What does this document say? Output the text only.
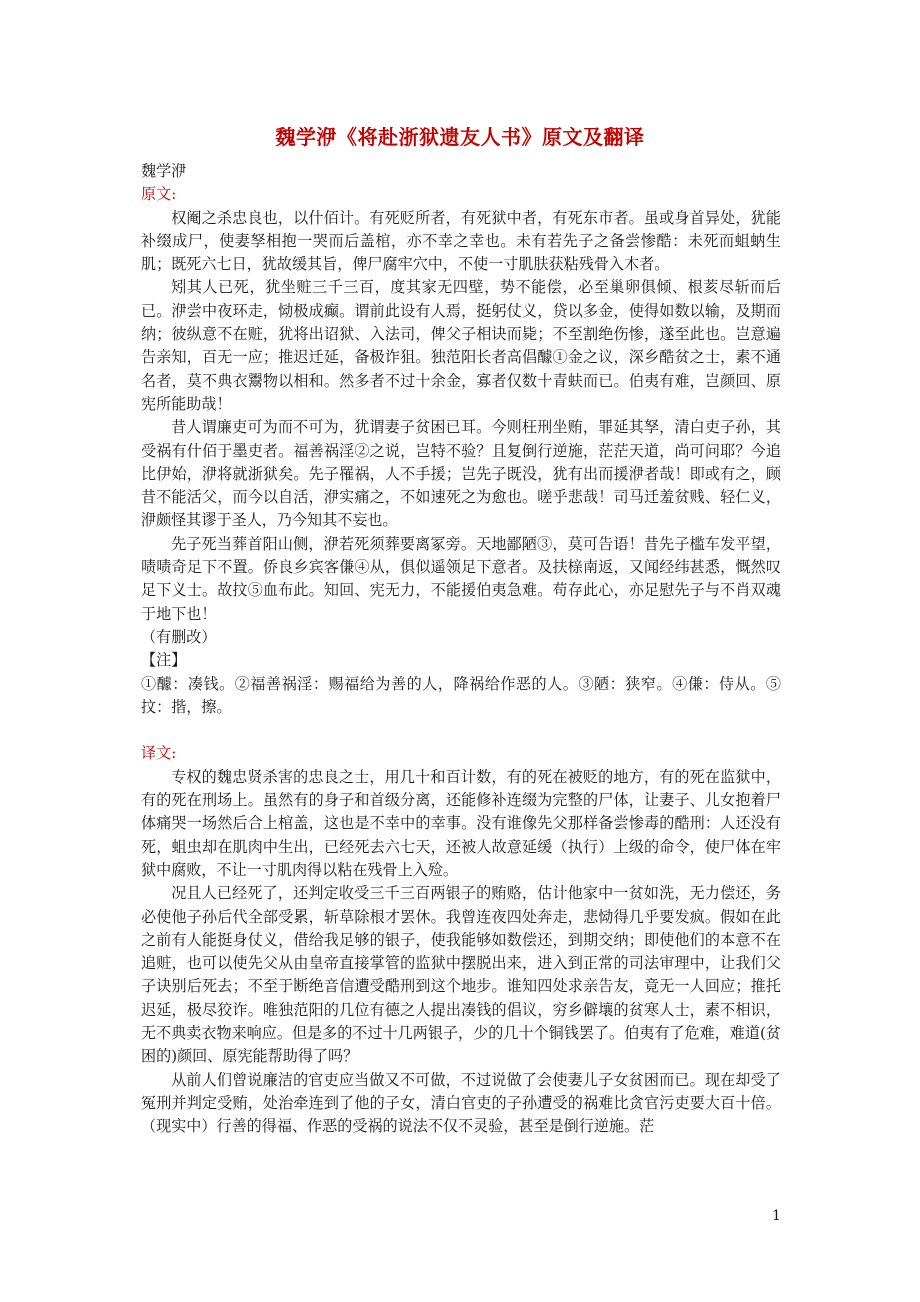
魏学洢《将赴浙狱遗友人书》原文及翻译

魏学洢

原文:

权阉之杀忠良也，以什佰计。有死贬所者，有死狱中者，有死东市者。虽或身首异处，犹能补缀成尸，使妻孥相抱一哭而后盖棺，亦不幸之幸也。未有若先子之备尝惨酷：未死而蛆蚋生肌；既死六七日，犹故缓其旨，俾尸腐牢穴中，不使一寸肌肤获粘残骨入木者。

矧其人已死，犹坐赃三千三百，度其家无四壁，势不能偿，必至巢卵俱倾、根荄尽斩而后已。洢尝中夜环走，恸极成癫。谓前此设有人焉，挺躬仗义，贷以多金，使得如数以输，及期而纳；彼纵意不在赃，犹将出诏狱、入法司，俾父子相诀而毙；不至割绝伤惨，遂至此也。岂意遍告亲知，百无一应；推迟迁延，备极诈狙。独范阳长者高倡醵①金之议，深乡酷贫之士，素不通名者，莫不典衣鬻物以相和。然多者不过十余金，寡者仅数十青蚨而已。伯夷有难，岂颜回、原宪所能助哉！

昔人谓廉吏可为而不可为，犹谓妻子贫困已耳。今则枉刑坐贿，罪延其孥，清白吏子孙，其受祸有什佰于墨吏者。福善祸淫②之说，岂特不验？且复倒行逆施，茫茫天道，尚可问耶？今追比伊始，洢将就浙狱矣。先子罹祸，人不手援；岂先子既没，犹有出而援洢者哉！即或有之，顾昔不能活父，而今以自活，洢实痛之，不如速死之为愈也。嗟乎悲哉！司马迁羞贫贱、轻仁义，洢颇怪其谬于圣人，乃今知其不妄也。

先子死当葬首阳山侧，洢若死须葬要离冢旁。天地鄙陋③，莫可告语！昔先子槛车发平望，啧啧奇足下不置。侨良乡宾客傔④从，俱似遥领足下意者。及扶榇南返，又闻经纬甚悉，慨然叹足下义士。故抆⑤血布此。知回、宪无力，不能援伯夷急难。苟存此心，亦足慰先子与不肖双魂于地下也！

（有删改）

【注】

①醵：凑钱。②福善祸淫：赐福给为善的人，降祸给作恶的人。③陋：狭窄。④傔：侍从。⑤抆：揩，擦。

译文:

专权的魏忠贤杀害的忠良之士，用几十和百计数，有的死在被贬的地方，有的死在监狱中，有的死在刑场上。虽然有的身子和首级分离，还能修补连缀为完整的尸体，让妻子、儿女抱着尸体痛哭一场然后合上棺盖，这也是不幸中的幸事。没有谁像先父那样备尝惨毒的酷刑：人还没有死，蛆虫却在肌肉中生出，已经死去六七天，还被人故意延缓（执行）上级的命令，使尸体在牢狱中腐败，不让一寸肌肉得以粘在残骨上入殓。

况且人已经死了，还判定收受三千三百两银子的贿赂，估计他家中一贫如洗，无力偿还，务必使他子孙后代全部受累，斩草除根才罢休。我曾连夜四处奔走，悲恸得几乎要发疯。假如在此之前有人能挺身仗义，借给我足够的银子，使我能够如数偿还，到期交纳；即使他们的本意不在追赃，也可以使先父从由皇帝直接掌管的监狱中摆脱出来，进入到正常的司法审理中，让我们父子诀别后死去；不至于断绝音信遭受酷刑到这个地步。谁知四处求亲告友，竟无一人回应；推托迟延，极尽狡诈。唯独范阳的几位有德之人提出凑钱的倡议，穷乡僻壤的贫寒人士，素不相识，无不典卖衣物来响应。但是多的不过十几两银子，少的几十个铜钱罢了。伯夷有了危难，难道(贫困的)颜回、原宪能帮助得了吗？

从前人们曾说廉洁的官吏应当做又不可做，不过说做了会使妻儿子女贫困而已。现在却受了冤刑并判定受贿，处治牵连到了他的子女，清白官吏的子孙遭受的祸难比贪官污吏要大百十倍。（现实中）行善的得福、作恶的受祸的说法不仅不灵验，甚至是倒行逆施。茫

1
